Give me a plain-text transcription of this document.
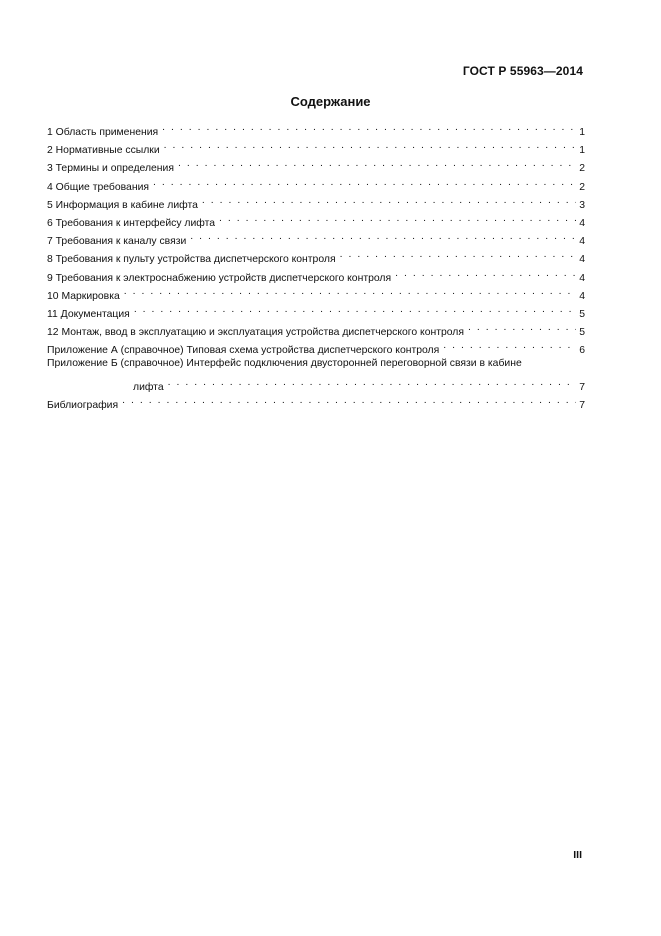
ГОСТ Р 55963—2014
Содержание
1 Область применения . . .	1
2 Нормативные ссылки . . .	1
3 Термины и определения . . .	2
4 Общие требования . . .	2
5 Информация в кабине лифта . . .	3
6 Требования к интерфейсу лифта . . .	4
7 Требования к каналу связи . . .	4
8 Требования к пульту устройства диспетчерского контроля . . .	4
9 Требования к электроснабжению устройств диспетчерского контроля . . .	4
10 Маркировка . . .	4
11 Документация . . .	5
12 Монтаж, ввод в эксплуатацию и эксплуатация устройства диспетчерского контроля . . .	5
Приложение А (справочное) Типовая схема устройства диспетчерского контроля . . .	6
Приложение Б (справочное) Интерфейс подключения двусторонней переговорной связи в кабине
лифта . . .	7
Библиография . . .	7
III
